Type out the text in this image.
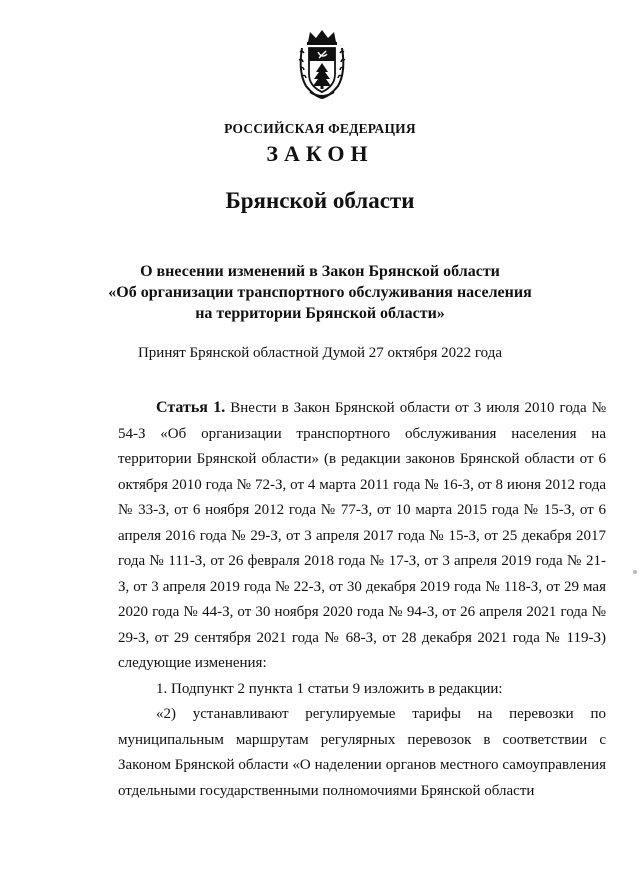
РОССИЙСКАЯ ФЕДЕРАЦИЯ
ЗАКОН
Брянской области
О внесении изменений в Закон Брянской области
«Об организации транспортного обслуживания населения
на территории Брянской области»
Принят Брянской областной Думой 27 октября 2022 года

Статья 1. Внести в Закон Брянской области от 3 июля 2010 года № 54-З «Об организации транспортного обслуживания населения на территории Брянской области» (в редакции законов Брянской области от 6 октября 2010 года № 72-З, от 4 марта 2011 года № 16-З, от 8 июня 2012 года № 33-З, от 6 ноября 2012 года № 77-З, от 10 марта 2015 года № 15-З, от 6 апреля 2016 года № 29-З, от 3 апреля 2017 года № 15-З, от 25 декабря 2017 года № 111-З, от 26 февраля 2018 года № 17-З, от 3 апреля 2019 года № 21-З, от 3 апреля 2019 года № 22-З, от 30 декабря 2019 года № 118-З, от 29 мая 2020 года № 44-З, от 30 ноября 2020 года № 94-З, от 26 апреля 2021 года № 29-З, от 29 сентября 2021 года № 68-З, от 28 декабря 2021 года № 119-З) следующие изменения:

1. Подпункт 2 пункта 1 статьи 9 изложить в редакции:

«2) устанавливают регулируемые тарифы на перевозки по муниципальным маршрутам регулярных перевозок в соответствии с Законом Брянской области «О наделении органов местного самоуправления отдельными государственными полномочиями Брянской области
